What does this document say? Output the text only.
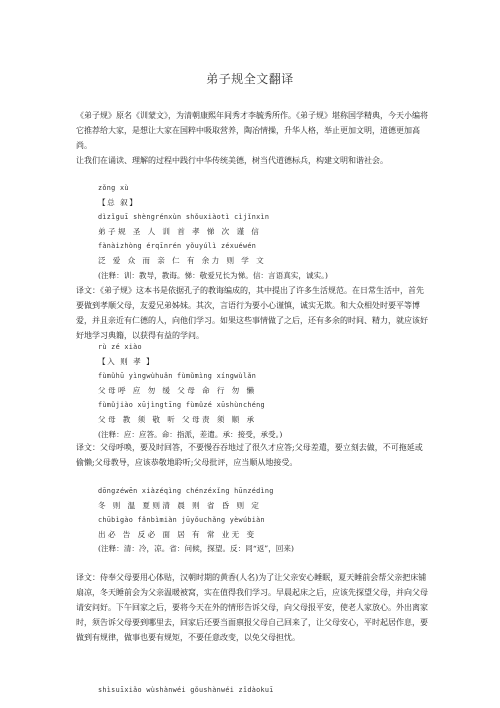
弟子规全文翻译

《弟子规》原名《训蒙文》，为清朝康熙年间秀才李毓秀所作。《弟子规》堪称国学精典，今天小编将它推荐给大家，是想让大家在国粹中吸取营养，陶冶情操，升华人格，举止更加文明，道德更加高尚。

让我们在诵读、理解的过程中践行中华传统美德，树当代道德标兵，构建文明和谐社会。

zǒng xù
【总 叙】
dìzǐguī shèngrénxùn shǒuxiàotì cìjǐnxìn
弟子规 圣 人 训 首 孝 悌 次 谨 信
fànàizhòng érqīnrén yǒuyúlì zéxuéwén
泛 爱 众 而 亲 仁 有 余力 则 学 文
(注释：训：教导，教诲。悌：敬爱兄长为悌。信：言语真实，诚实。)

译文：《弟子规》这本书是依据孔子的教诲编成的，其中提出了许多生活规范。在日常生活中，首先要做到孝顺父母，友爱兄弟姊妹。其次，言语行为要小心谨慎，诚实无欺。和大众相处时要平等博爱，并且亲近有仁德的人，向他们学习。如果这些事情做了之后，还有多余的时间、精力，就应该好好地学习典籍，以获得有益的学问。

rù zé xiào
【入 则 孝 】
fùmǔhū yìngwùhuǎn fùmǔmìng xíngwùlǎn
父母呼 应 勿 缓 父母 命 行 勿 懒
fùmǔjiào xūjìngtīng fùmǔzé xūshùnchéng
父母 教 须 敬 听 父母责 须 顺 承
(注释：应：应答。命：指派，差遣。承：接受，承受。)

译文：父母呼唤，要及时回答，不要慢吞吞地过了很久才应答;父母差遣，要立刻去做，不可拖延或偷懒;父母教导，应该恭敬地聆听;父母批评，应当顺从地接受。

dōngzéwēn xiàzéqìng chénzéxǐng hūnzédìng
冬 则 温 夏则清 晨 则 省 昏 则 定
chūbìgào fǎnbìmiàn jūyǒuchǎng yèwúbiàn
出必 告 反必 面 居 有 常 业无 变
(注释：清：冷，凉。省：问候，探望。反：同“返”，回来)

译文：侍奉父母要用心体贴，汉朝时期的黄香(人名)为了让父亲安心睡眠，夏天睡前会帮父亲把床铺扇凉，冬天睡前会为父亲温暖被窝，实在值得我们学习。早晨起床之后，应该先探望父母，并向父母请安问好。下午回家之后，要将今天在外的情形告诉父母，向父母报平安，使老人家放心。外出离家时，须告诉父母要到哪里去，回家后还要当面禀报父母自己回来了，让父母安心，平时起居作息，要做到有规律，做事也要有规矩，不要任意改变，以免父母担忧。

shìsuīxiǎo wùshànwéi gǒushànwéi zǐdàokuī
